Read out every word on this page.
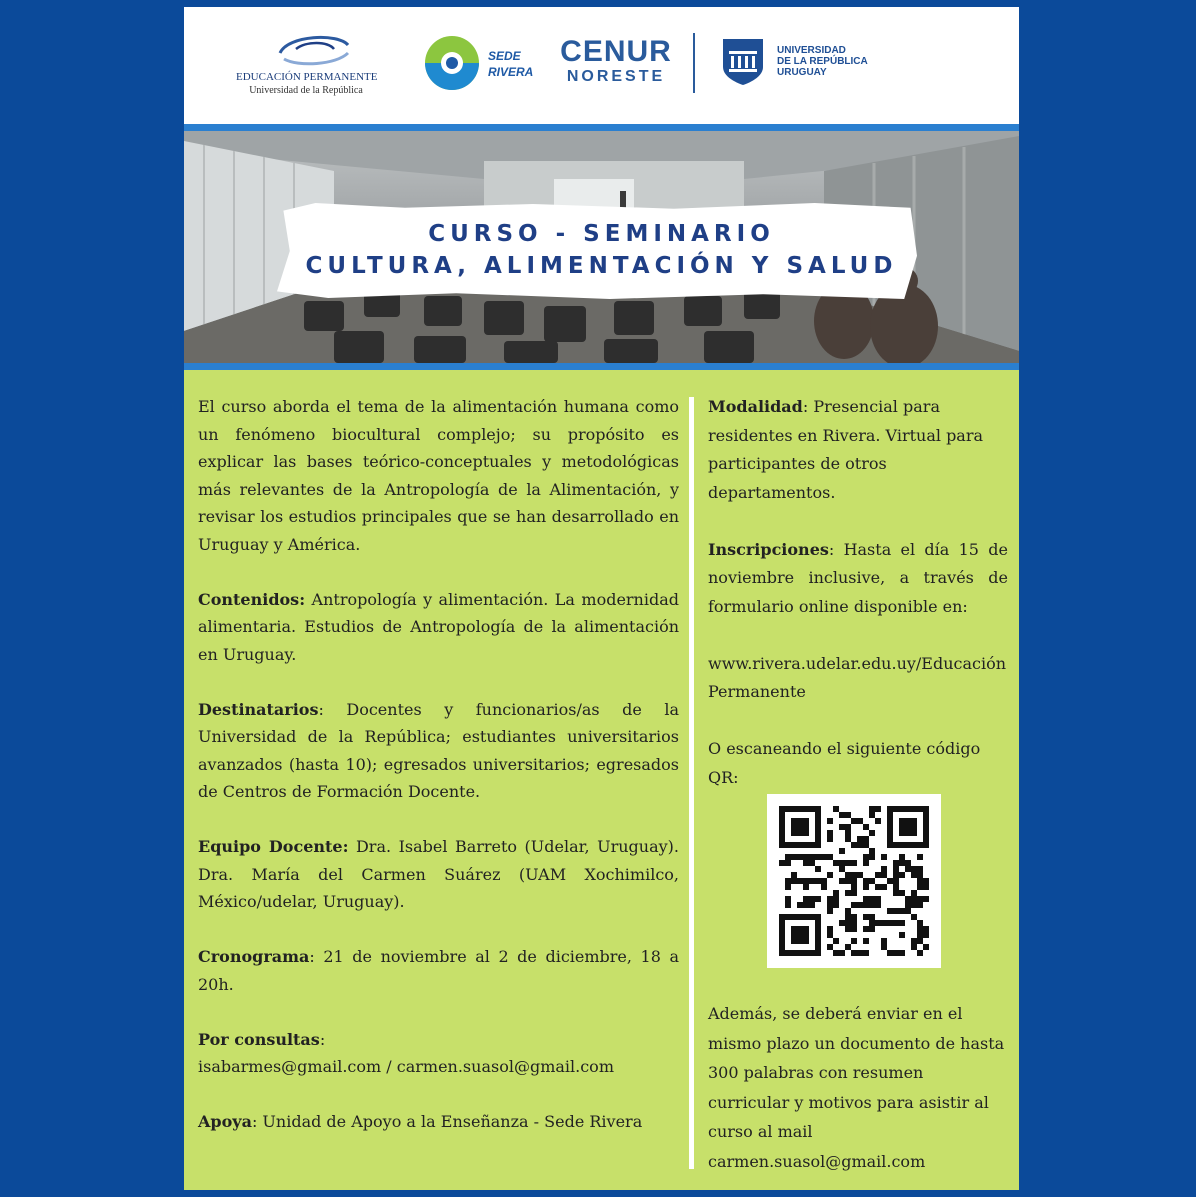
EDUCACIÓN PERMANENTE
Universidad de la República
SEDE
RIVERA
CENUR
NORESTE
UNIVERSIDAD
DE LA REPÚBLICA
URUGUAY
CURSO - SEMINARIO
CULTURA, ALIMENTACIÓN Y SALUD

El curso aborda el tema de la alimentación humana como un fenómeno biocultural complejo; su propósito es explicar las bases teórico-conceptuales y metodológicas más relevantes de la Antropología de la Alimentación, y revisar los estudios principales que se han desarrollado en Uruguay y América.

Contenidos: Antropología y alimentación. La modernidad alimentaria. Estudios de Antropología de la alimentación en Uruguay.

Destinatarios: Docentes y funcionarios/as de la Universidad de la República; estudiantes universitarios avanzados (hasta 10); egresados universitarios; egresados de Centros de Formación Docente.

Equipo Docente: Dra. Isabel Barreto (Udelar, Uruguay). Dra. María del Carmen Suárez (UAM Xochimilco, México/udelar, Uruguay).

Cronograma: 21 de noviembre al 2 de diciembre, 18 a 20h.

Por consultas:
isabarmes@gmail.com / carmen.suasol@gmail.com

Apoya: Unidad de Apoyo a la Enseñanza - Sede Rivera

Modalidad: Presencial para residentes en Rivera. Virtual para participantes de otros departamentos.

Inscripciones: Hasta el día 15 de noviembre inclusive, a través de formulario online disponible en:

www.rivera.udelar.edu.uy/Educación Permanente

O escaneando el siguiente código QR:

Además, se deberá enviar en el mismo plazo un documento de hasta 300 palabras con resumen curricular y motivos para asistir al curso al mail carmen.suasol@gmail.com
